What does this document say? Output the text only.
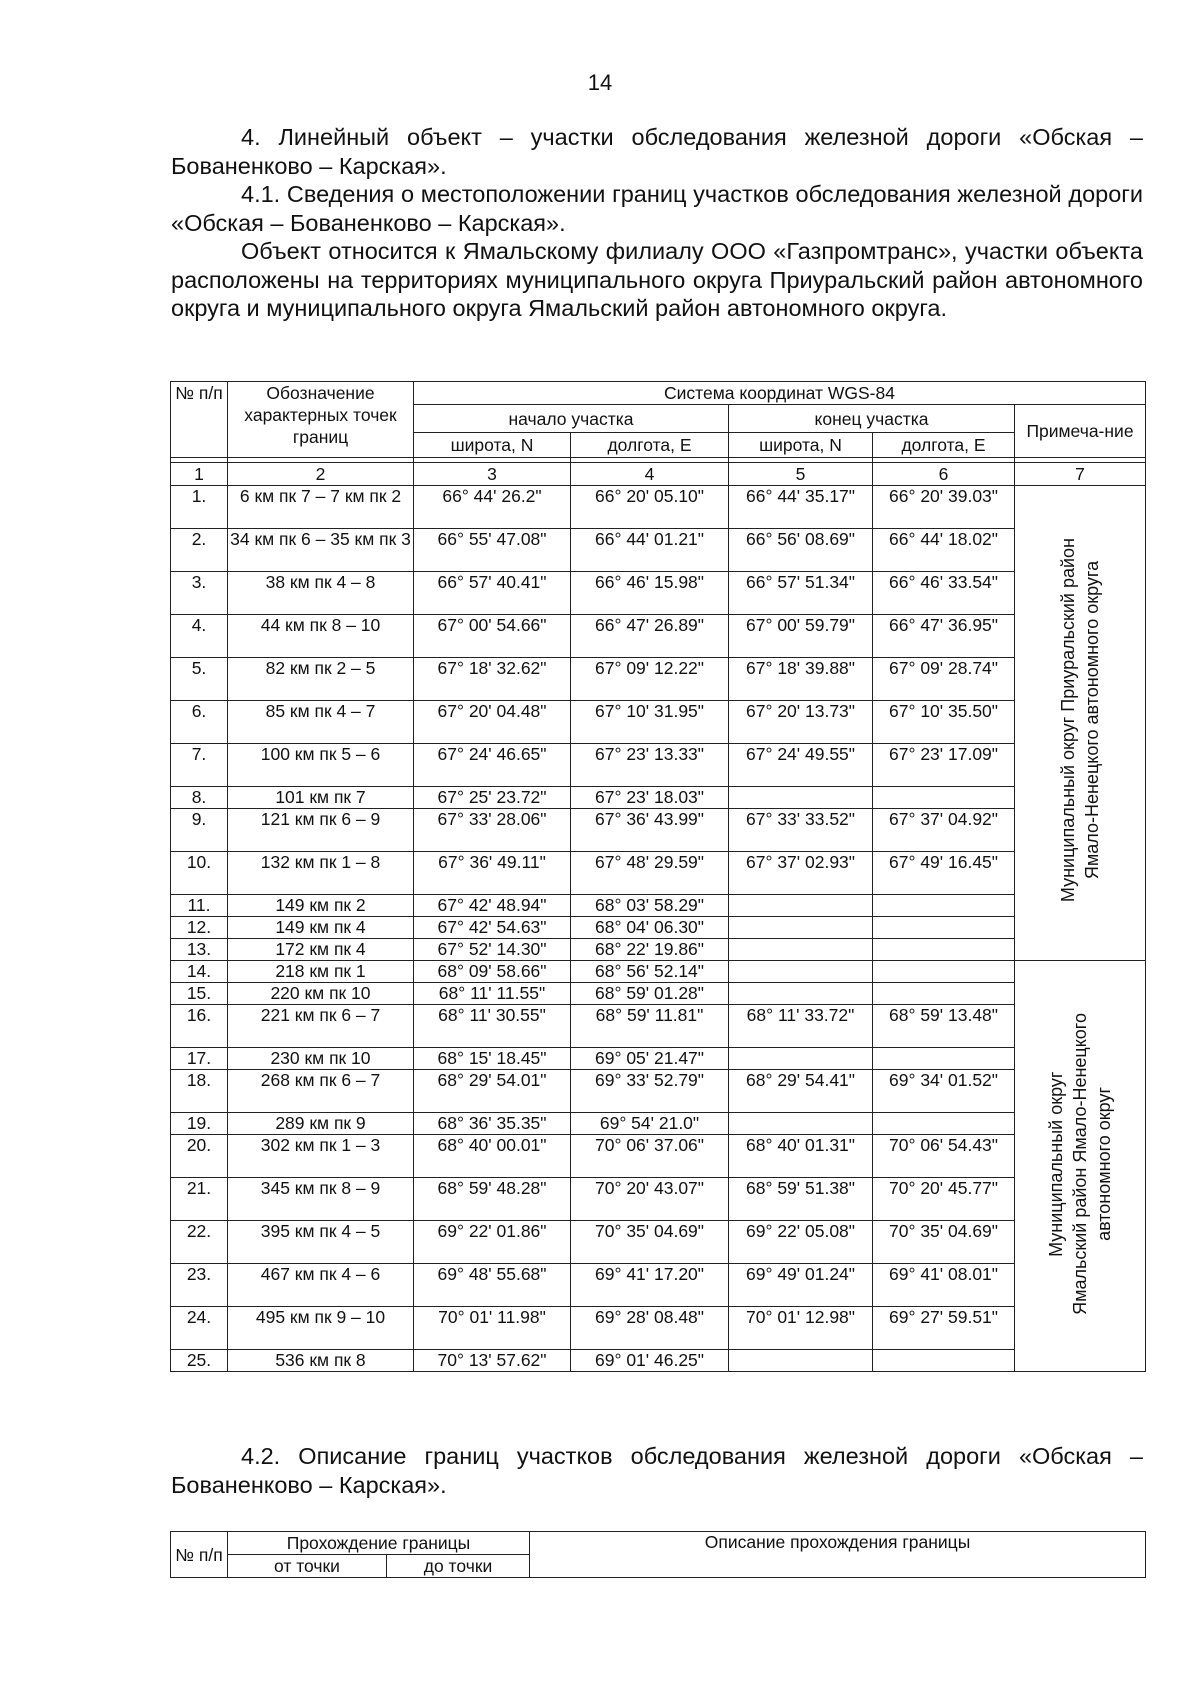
14

4. Линейный объект – участки обследования железной дороги «Обская – Бованенково – Карская».

4.1. Сведения о местоположении границ участков обследования железной дороги «Обская – Бованенково – Карская».

Объект относится к Ямальскому филиалу ООО «Газпромтранс», участки объекта расположены на территориях муниципального округа Приуральский район автономного округа и муниципального округа Ямальский район автономного округа.

№ п/п	Обозначение характерных точек границ	Система координат WGS-84				
		начало участка		конец участка		Примеча-ние
		широта, N	долгота, E	широта, N	долгота, E	

1	2	3	4	5	6	7
1.	6 км пк 7 – 7 км пк 2	66° 44' 26.2"	66° 20' 05.10"	66° 44' 35.17"	66° 20' 39.03"	Муниципальный округ Приуральский район Ямало-Ненецкого автономного округа
2.	34 км пк 6 – 35 км пк 3	66° 55' 47.08"	66° 44' 01.21"	66° 56' 08.69"	66° 44' 18.02"	
3.	38 км пк 4 – 8	66° 57' 40.41"	66° 46' 15.98"	66° 57' 51.34"	66° 46' 33.54"	
4.	44 км пк 8 – 10	67° 00' 54.66"	66° 47' 26.89"	67° 00' 59.79"	66° 47' 36.95"	
5.	82 км пк 2 – 5	67° 18' 32.62"	67° 09' 12.22"	67° 18' 39.88"	67° 09' 28.74"	
6.	85 км пк 4 – 7	67° 20' 04.48"	67° 10' 31.95"	67° 20' 13.73"	67° 10' 35.50"	
7.	100 км пк 5 – 6	67° 24' 46.65"	67° 23' 13.33"	67° 24' 49.55"	67° 23' 17.09"	
8.	101 км пк 7	67° 25' 23.72"	67° 23' 18.03"			
9.	121 км пк 6 – 9	67° 33' 28.06"	67° 36' 43.99"	67° 33' 33.52"	67° 37' 04.92"	
10.	132 км пк 1 – 8	67° 36' 49.11"	67° 48' 29.59"	67° 37' 02.93"	67° 49' 16.45"	
11.	149 км пк 2	67° 42' 48.94"	68° 03' 58.29"			
12.	149 км пк 4	67° 42' 54.63"	68° 04' 06.30"			
13.	172 км пк 4	67° 52' 14.30"	68° 22' 19.86"			
14.	218 км пк 1	68° 09' 58.66"	68° 56' 52.14"			Муниципальный округ Ямальский район Ямало-Ненецкого автономного округ
15.	220 км пк 10	68° 11' 11.55"	68° 59' 01.28"			
16.	221 км пк 6 – 7	68° 11' 30.55"	68° 59' 11.81"	68° 11' 33.72"	68° 59' 13.48"	
17.	230 км пк 10	68° 15' 18.45"	69° 05' 21.47"			
18.	268 км пк 6 – 7	68° 29' 54.01"	69° 33' 52.79"	68° 29' 54.41"	69° 34' 01.52"	
19.	289 км пк 9	68° 36' 35.35"	69° 54' 21.0"			
20.	302 км пк 1 – 3	68° 40' 00.01"	70° 06' 37.06"	68° 40' 01.31"	70° 06' 54.43"	
21.	345 км пк 8 – 9	68° 59' 48.28"	70° 20' 43.07"	68° 59' 51.38"	70° 20' 45.77"	
22.	395 км пк 4 – 5	69° 22' 01.86"	70° 35' 04.69"	69° 22' 05.08"	70° 35' 04.69"	
23.	467 км пк 4 – 6	69° 48' 55.68"	69° 41' 17.20"	69° 49' 01.24"	69° 41' 08.01"	
24.	495 км пк 9 – 10	70° 01' 11.98"	69° 28' 08.48"	70° 01' 12.98"	69° 27' 59.51"	
25.	536 км пк 8	70° 13' 57.62"	69° 01' 46.25"			

4.2. Описание границ участков обследования железной дороги «Обская – Бованенково – Карская».

№ п/п	Прохождение границы		Описание прохождения границы
	от точки	до точки	
